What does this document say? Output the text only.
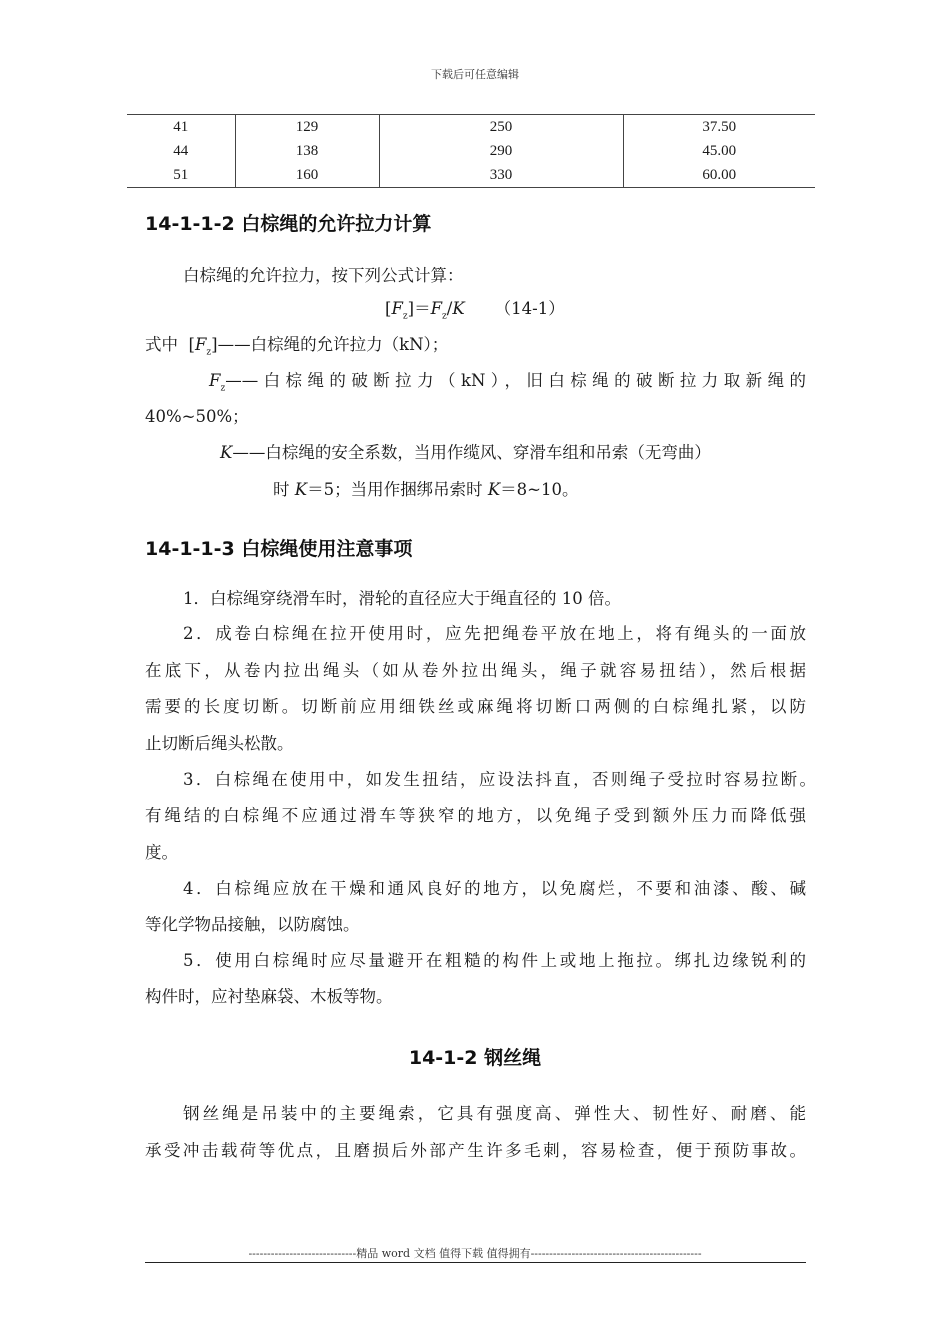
下载后可任意编辑
41	129	250	37.50
44	138	290	45.00
51	160	330	60.00
14-1-1-2 白棕绳的允许拉力计算
白棕绳的允许拉力，按下列公式计算：
$[F_z]=F_z/K$ （14-1）
式中 $[F_z]——$白棕绳的允许拉力（kN）；
$F_z——$白棕绳的破断拉力（kN），旧白棕绳的破断拉力取新绳的
40%~50%；
K——白棕绳的安全系数，当用作缆风、穿滑车组和吊索（无弯曲）
时 K＝5；当用作捆绑吊索时 K＝8~10。
14-1-1-3 白棕绳使用注意事项
1．白棕绳穿绕滑车时，滑轮的直径应大于绳直径的 10 倍。
2．成卷白棕绳在拉开使用时，应先把绳卷平放在地上，将有绳头的一面放
在底下，从卷内拉出绳头（如从卷外拉出绳头，绳子就容易扭结），然后根据
需要的长度切断。切断前应用细铁丝或麻绳将切断口两侧的白棕绳扎紧，以防
止切断后绳头松散。
3．白棕绳在使用中，如发生扭结，应设法抖直，否则绳子受拉时容易拉断。
有绳结的白棕绳不应通过滑车等狭窄的地方，以免绳子受到额外压力而降低强
度。
4．白棕绳应放在干燥和通风良好的地方，以免腐烂，不要和油漆、酸、碱
等化学物品接触，以防腐蚀。
5．使用白棕绳时应尽量避开在粗糙的构件上或地上拖拉。绑扎边缘锐利的
构件时，应衬垫麻袋、木板等物。
14-1-2 钢丝绳
钢丝绳是吊装中的主要绳索，它具有强度高、弹性大、韧性好、耐磨、能
承受冲击载荷等优点，且磨损后外部产生许多毛刺，容易检查，便于预防事故。
-----------------------------精品 word 文档 值得下载 值得拥有----------------------------------------------
